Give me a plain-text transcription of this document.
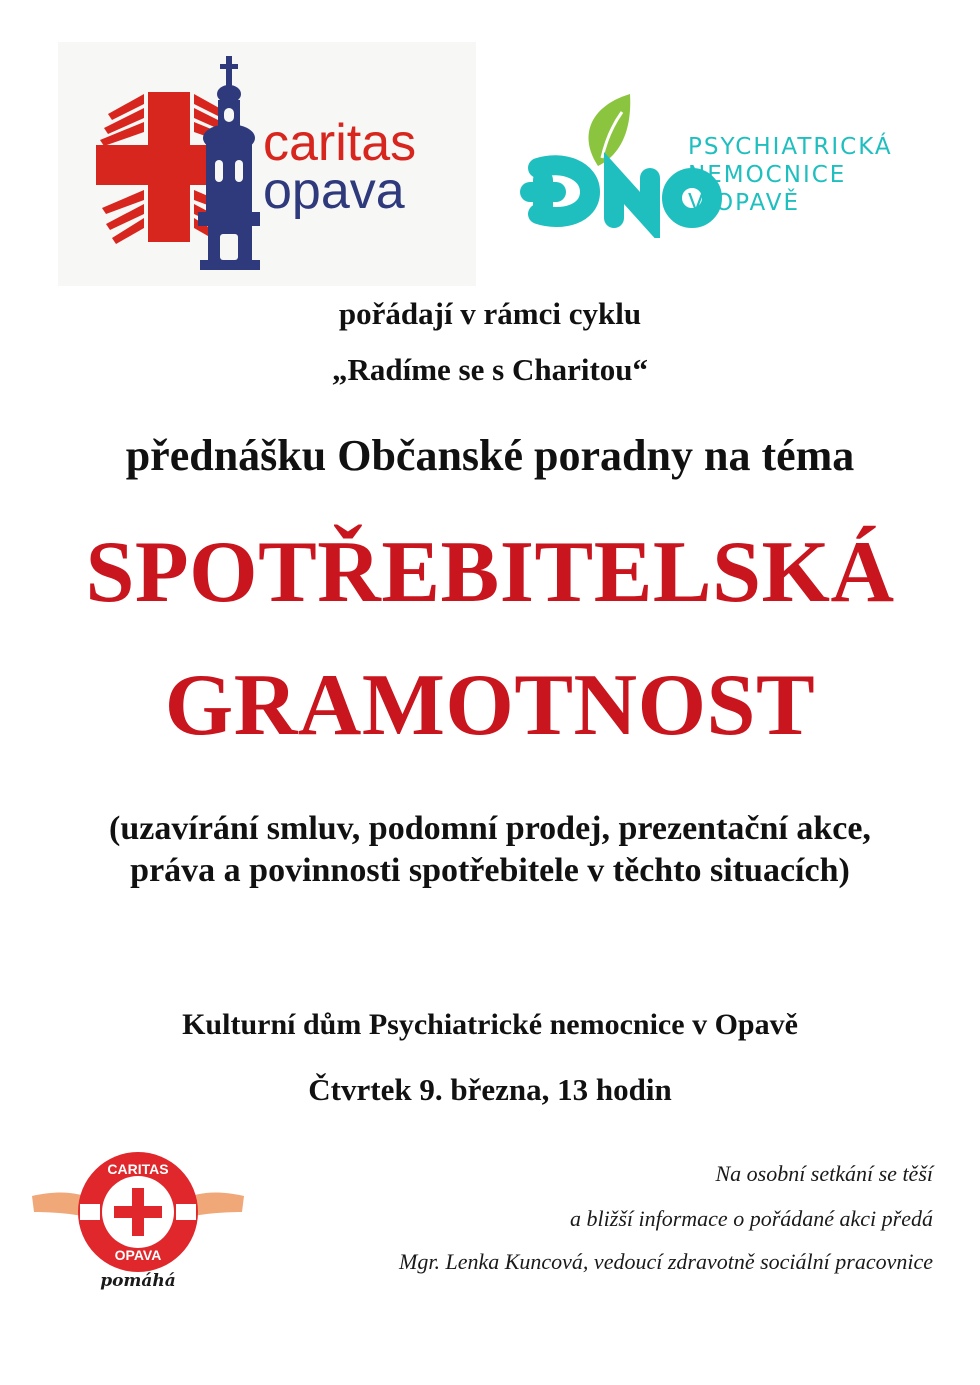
caritas
opava
PSYCHIATRICKÁ
NEMOCNICE
V OPAVĚ
pořádají v rámci cyklu
„Radíme se s Charitou“
přednášku Občanské poradny na téma
SPOTŘEBITELSKÁ
GRAMOTNOST
(uzavírání smluv, podomní prodej, prezentační akce,
práva a povinnosti spotřebitele v těchto situacích)
Kulturní dům Psychiatrické nemocnice v Opavě
Čtvrtek 9. března, 13 hodin
CARITAS
OPAVA
pomáhá
Na osobní setkání se těší
a bližší informace o pořádané akci předá
Mgr. Lenka Kuncová, vedoucí zdravotně sociální pracovnice
